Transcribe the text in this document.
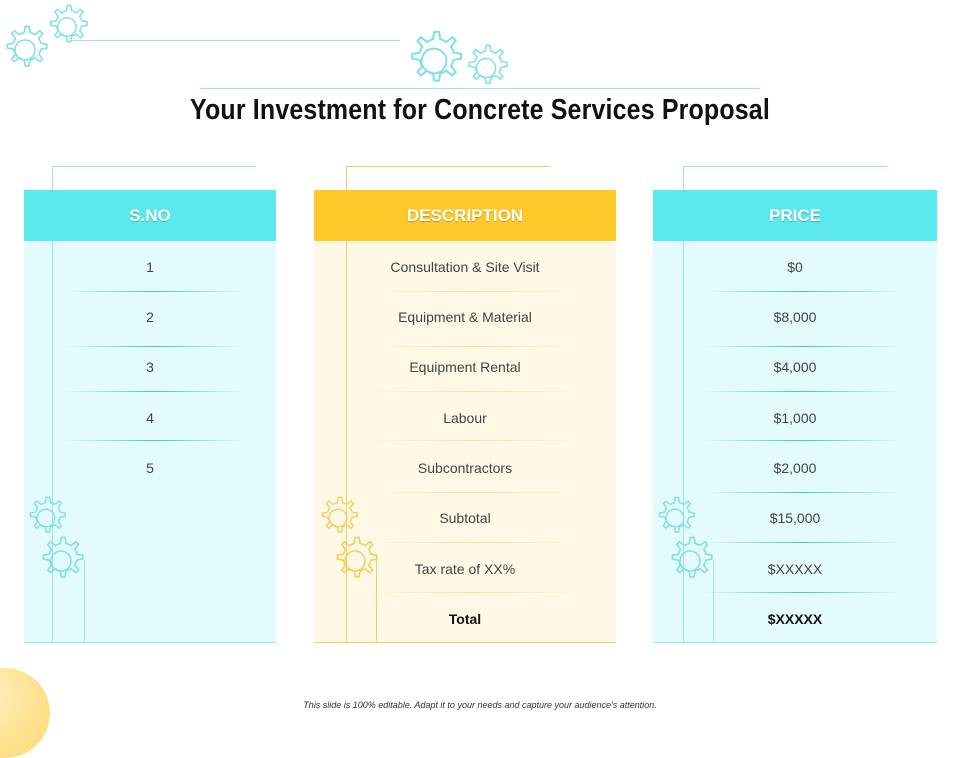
Your Investment for Concrete Services Proposal
S.NO
1
2
3
4
5
DESCRIPTION
Consultation & Site Visit
Equipment & Material
Equipment Rental
Labour
Subcontractors
Subtotal
Tax rate of XX%
Total
PRICE
$0
$8,000
$4,000
$1,000
$2,000
$15,000
$XXXXX
$XXXXX
This slide is 100% editable. Adapt it to your needs and capture your audience's attention.
